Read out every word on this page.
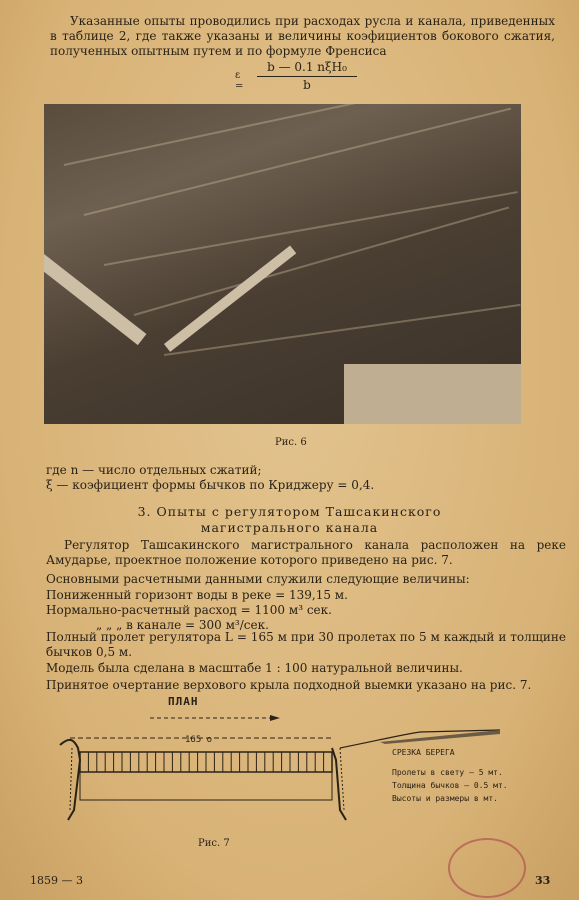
Указанные опыты проводились при расходах русла и канала, приведенных в таблице 2, где также указаны и величины коэфициентов бокового сжатия, полученных опытным путем и по формуле Френсиса
ε =
b — 0.1 nξH₀
b
Рис. 6
где n — число отдельных сжатий;
ξ — коэфициент формы бычков по Криджеру = 0,4.
3. Опыты с регулятором Ташсакинского
магистрального канала
Регулятор Ташсакинского магистрального канала расположен на реке Амударье, проектное положение которого приведено на рис. 7.
Основными расчетными данными служили следующие величины:
Пониженный горизонт воды в реке = 139,15 м.
Нормально-расчетный расход = 1100 м³ сек.
„ „ „ в канале = 300 м³/сек.
Полный пролет регулятора L = 165 м при 30 пролетах по 5 м каждый и толщине бычков 0,5 м.
Модель была сделана в масштабе 1 : 100 натуральной величины.
Принятое очертание верхового крыла подходной выемки указано на рис. 7.
ПЛАН
165 о
СРЕЗКА БЕРЕГА
Пролеты в свету — 5 мт.
Толщина бычков — 0.5 мт.
Высоты и размеры в мт.
Рис. 7
1859 — 3	33
